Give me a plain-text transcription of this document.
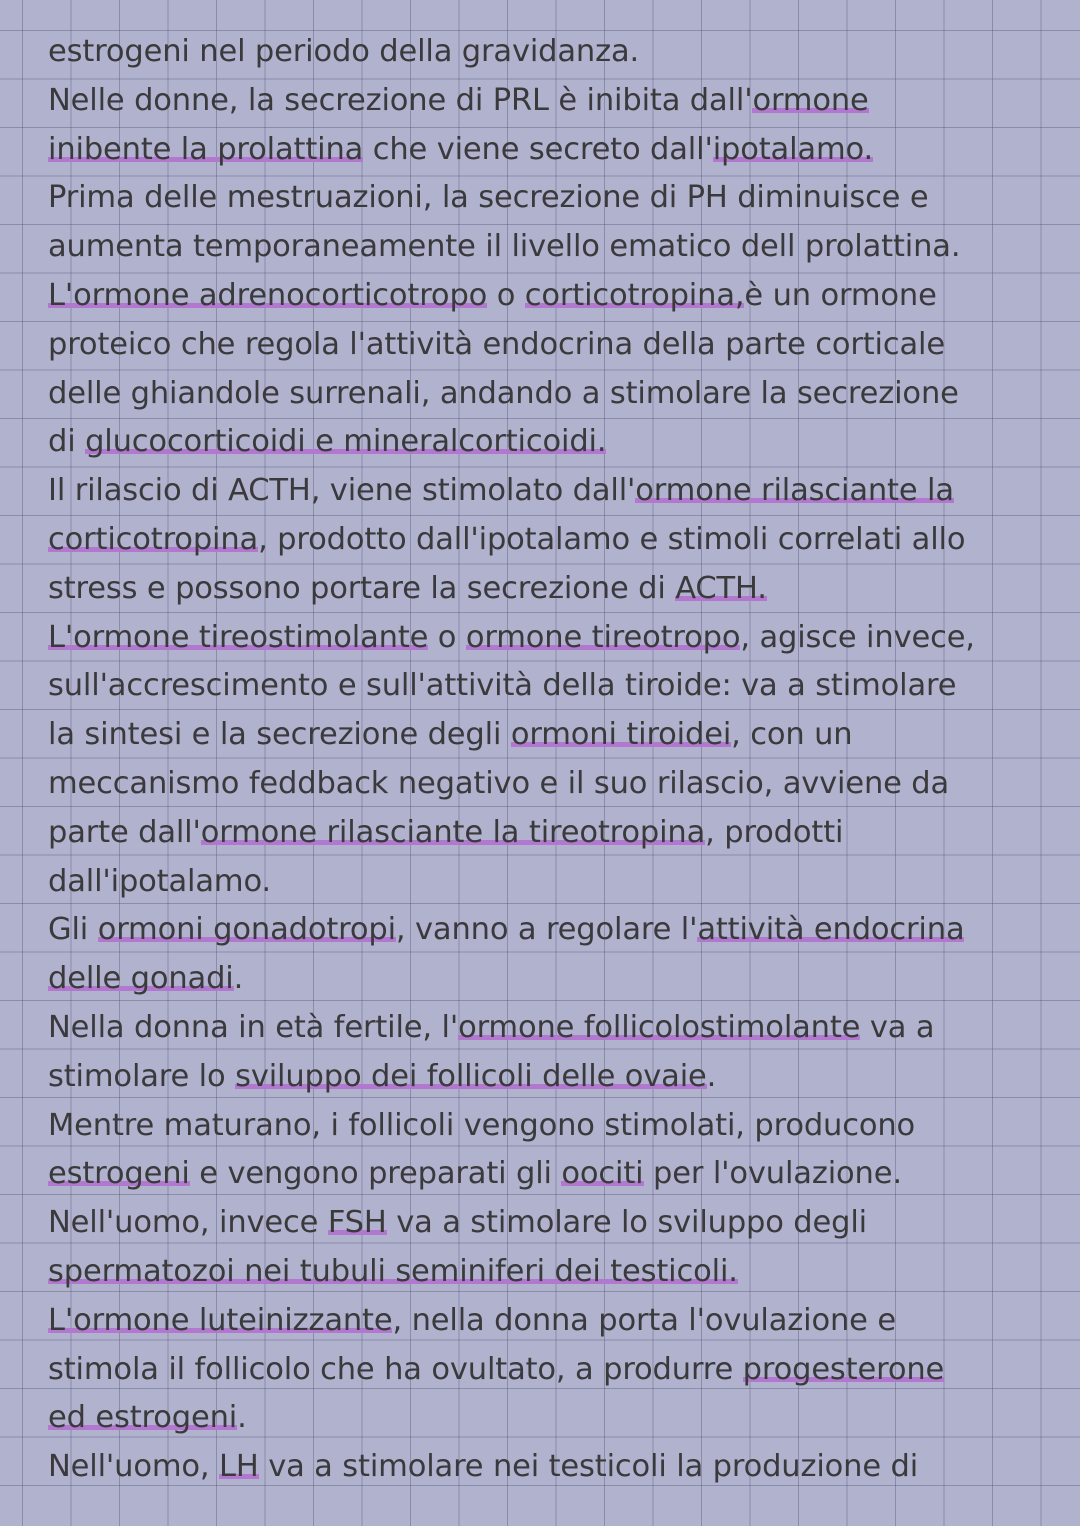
estrogeni nel periodo della gravidanza.
Nelle donne, la secrezione di PRL è inibita dall'ormone
inibente la prolattina che viene secreto dall'ipotalamo.
Prima delle mestruazioni, la secrezione di PH diminuisce e
aumenta temporaneamente il livello ematico dell prolattina.
L'ormone adrenocorticotropo o corticotropina,è un ormone
proteico che regola l'attività endocrina della parte corticale
delle ghiandole surrenali, andando a stimolare la secrezione
di glucocorticoidi e mineralcorticoidi.
Il rilascio di ACTH, viene stimolato dall'ormone rilasciante la
corticotropina, prodotto dall'ipotalamo e stimoli correlati allo
stress e possono portare la secrezione di ACTH.
L'ormone tireostimolante o ormone tireotropo, agisce invece,
sull'accrescimento e sull'attività della tiroide: va a stimolare
la sintesi e la secrezione degli ormoni tiroidei, con un
meccanismo feddback negativo e il suo rilascio, avviene da
parte dall'ormone rilasciante la tireotropina, prodotti
dall'ipotalamo.
Gli ormoni gonadotropi, vanno a regolare l'attività endocrina
delle gonadi.
Nella donna in età fertile, l'ormone follicolostimolante va a
stimolare lo sviluppo dei follicoli delle ovaie.
Mentre maturano, i follicoli vengono stimolati, producono
estrogeni e vengono preparati gli oociti per l'ovulazione.
Nell'uomo, invece FSH va a stimolare lo sviluppo degli
spermatozoi nei tubuli seminiferi dei testicoli.
L'ormone luteinizzante, nella donna porta l'ovulazione e
stimola il follicolo che ha ovultato, a produrre progesterone
ed estrogeni.
Nell'uomo, LH va a stimolare nei testicoli la produzione di
